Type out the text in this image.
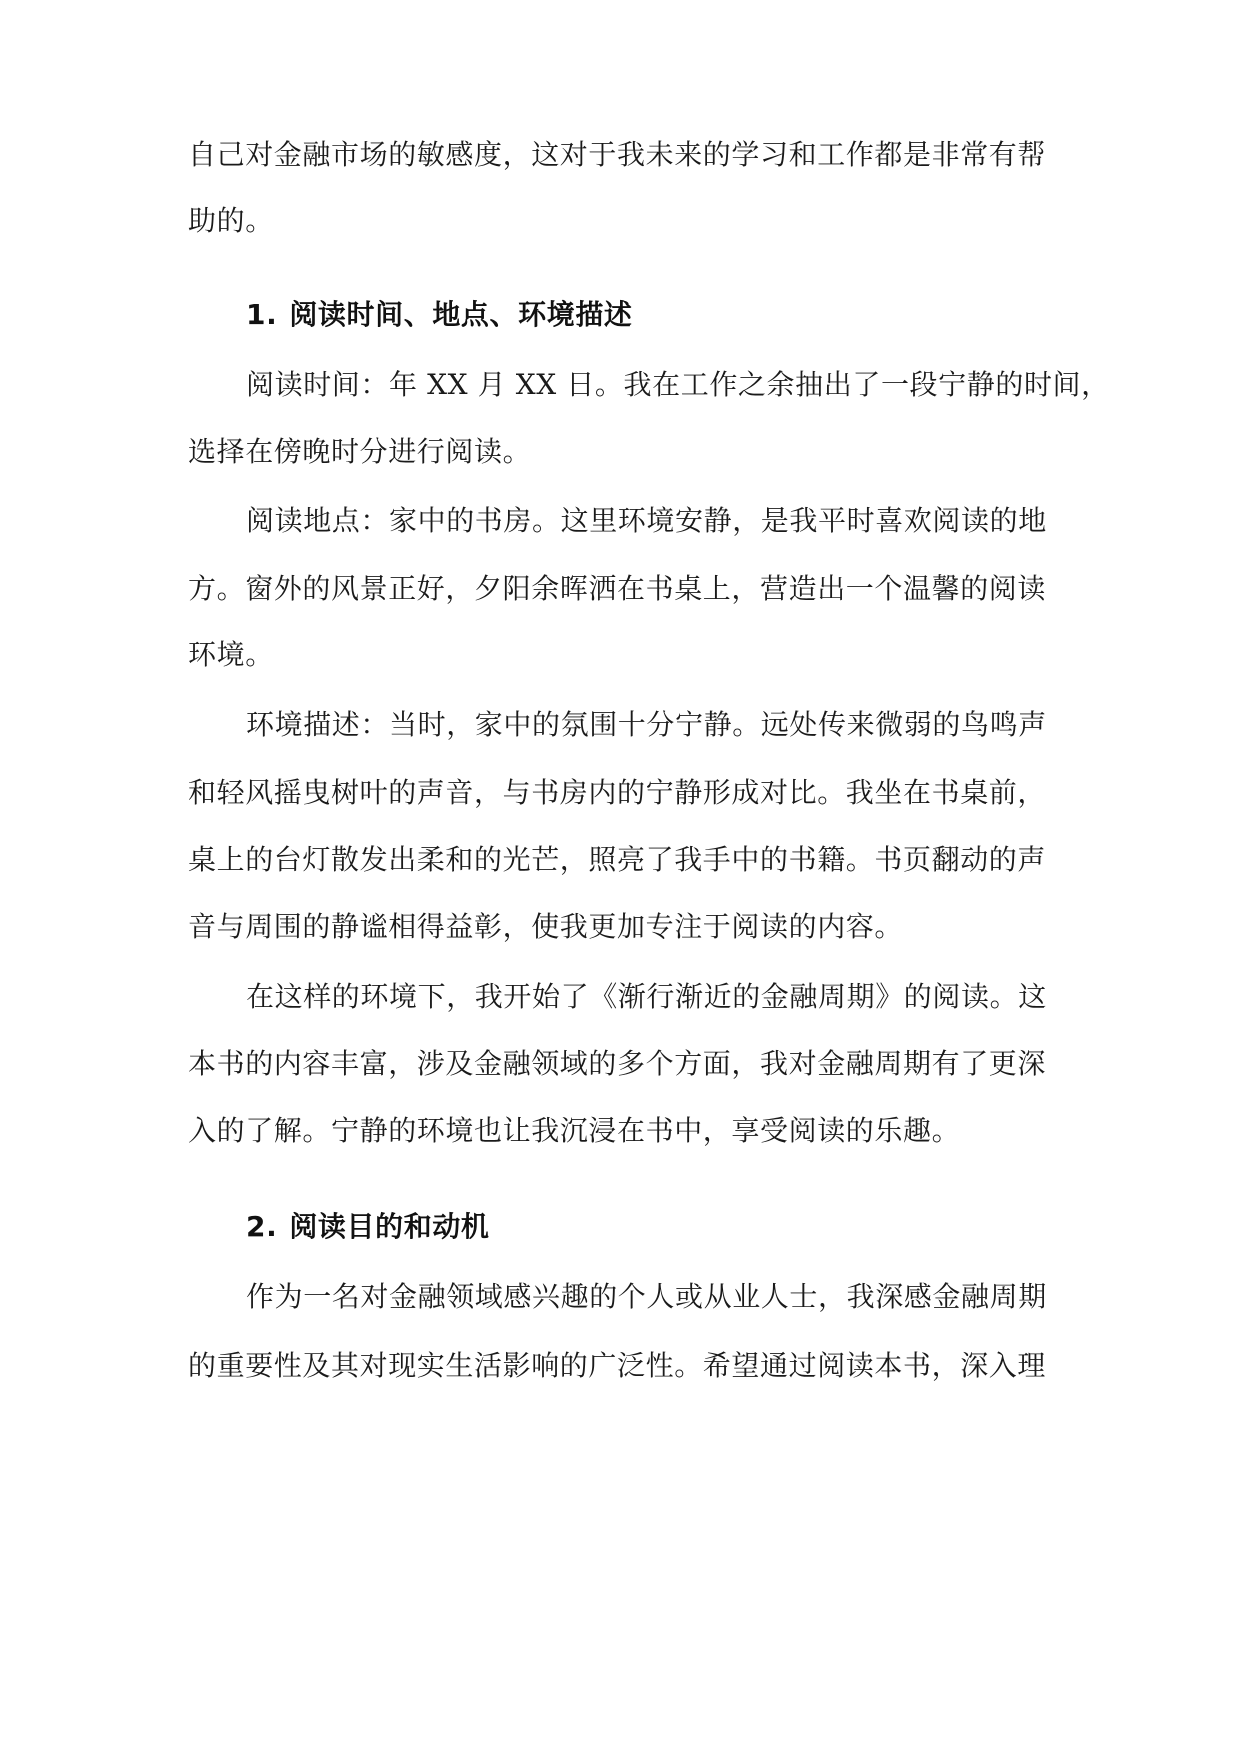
自己对金融市场的敏感度，这对于我未来的学习和工作都是非常有帮

助的。

1. 阅读时间、地点、环境描述

阅读时间：年 XX 月 XX 日。我在工作之余抽出了一段宁静的时间，

选择在傍晚时分进行阅读。

阅读地点：家中的书房。这里环境安静，是我平时喜欢阅读的地

方。窗外的风景正好，夕阳余晖洒在书桌上，营造出一个温馨的阅读

环境。

环境描述：当时，家中的氛围十分宁静。远处传来微弱的鸟鸣声

和轻风摇曳树叶的声音，与书房内的宁静形成对比。我坐在书桌前，

桌上的台灯散发出柔和的光芒，照亮了我手中的书籍。书页翻动的声

音与周围的静谧相得益彰，使我更加专注于阅读的内容。

在这样的环境下，我开始了《渐行渐近的金融周期》的阅读。这

本书的内容丰富，涉及金融领域的多个方面，我对金融周期有了更深

入的了解。宁静的环境也让我沉浸在书中，享受阅读的乐趣。

2. 阅读目的和动机

作为一名对金融领域感兴趣的个人或从业人士，我深感金融周期

的重要性及其对现实生活影响的广泛性。希望通过阅读本书，深入理
